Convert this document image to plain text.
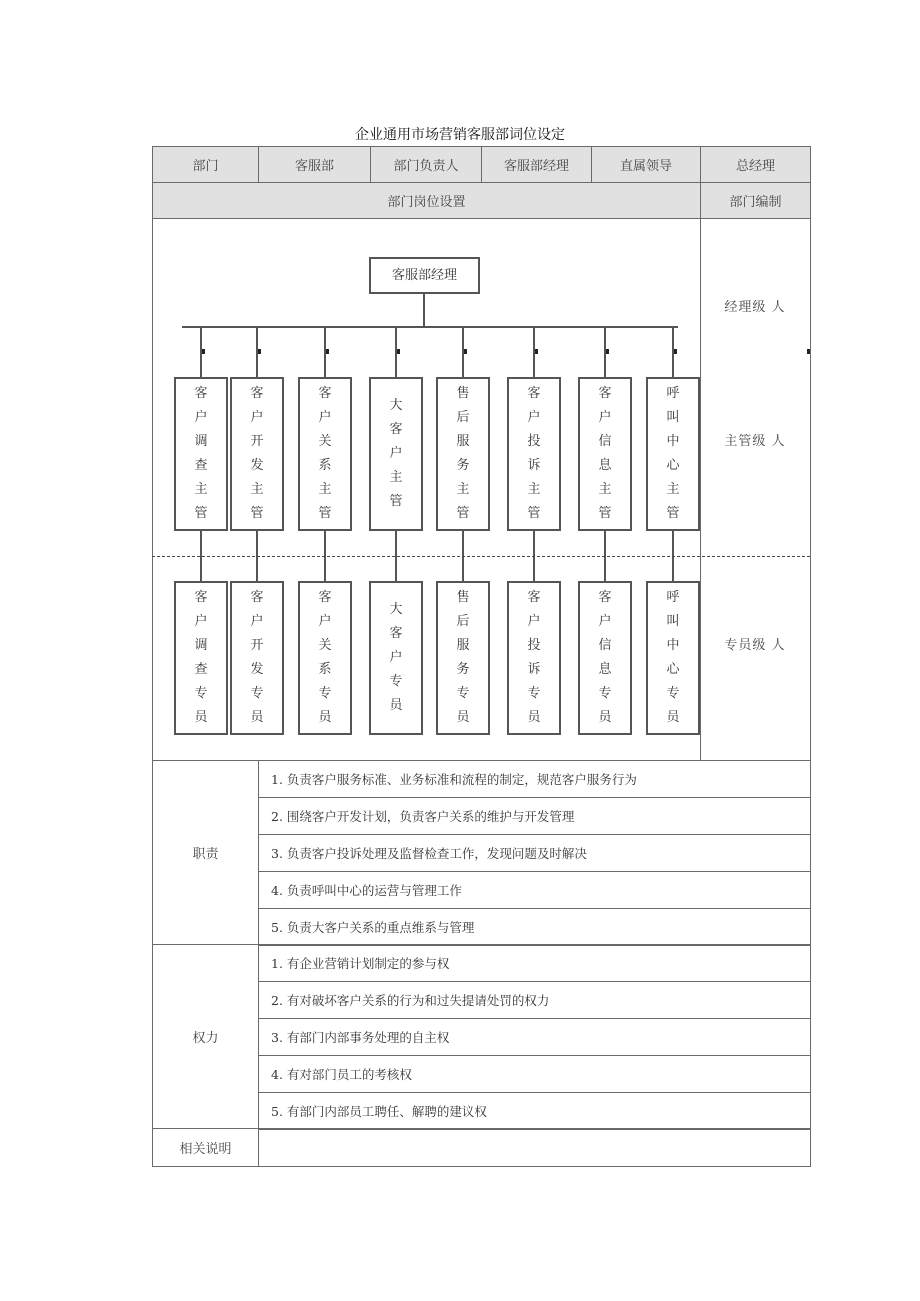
企业通用市场营销客服部词位设定
部门	客服部	部门负责人	客服部经理	直属领导	总经理
部门岗位设置	部门编制
客服部经理
客
户
调
查
主
管
客
户
开
发
主
管
客
户
关
系
主
管
大
客
户
主
管
售
后
服
务
主
管
客
户
投
诉
主
管
客
户
信
息
主
管
呼
叫
中
心
主
管
客
户
调
查
专
员
客
户
开
发
专
员
客
户
关
系
专
员
大
客
户
专
员
售
后
服
务
专
员
客
户
投
诉
专
员
客
户
信
息
专
员
呼
叫
中
心
专
员
经理级 人
主管级 人
专员级 人
职责
1. 负责客户服务标准、业务标准和流程的制定，规范客户服务行为
2. 围绕客户开发计划，负责客户关系的维护与开发管理
3. 负责客户投诉处理及监督检查工作，发现问题及时解决
4. 负责呼叫中心的运营与管理工作
5. 负责大客户关系的重点维系与管理
权力
1. 有企业营销计划制定的参与权
2. 有对破坏客户关系的行为和过失提请处罚的权力
3. 有部门内部事务处理的自主权
4. 有对部门员工的考核权
5. 有部门内部员工聘任、解聘的建议权
相关说明
